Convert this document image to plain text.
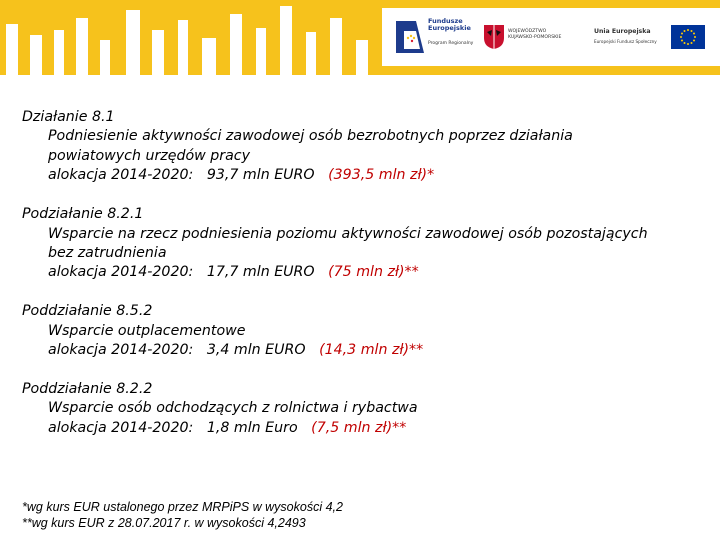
Fundusze
Europejskie
Program Regionalny
WOJEWÓDZTWO
KUJAWSKO-POMORSKIE
Unia Europejska
Europejski Fundusz Społeczny
Działanie 8.1
Podniesienie aktywności zawodowej osób bezrobotnych poprzez działania
powiatowych urzędów pracy
alokacja 2014-2020: 93,7 mln EURO (393,5 mln zł)*
Podziałanie 8.2.1
Wsparcie na rzecz podniesienia poziomu aktywności zawodowej osób pozostających
bez zatrudnienia
alokacja 2014-2020: 17,7 mln EURO (75 mln zł)**
Poddziałanie 8.5.2
Wsparcie outplacementowe
alokacja 2014-2020: 3,4 mln EURO (14,3 mln zł)**
Poddziałanie 8.2.2
Wsparcie osób odchodzących z rolnictwa i rybactwa
alokacja 2014-2020: 1,8 mln Euro (7,5 mln zł)**
*wg kurs EUR ustalonego przez MRPiPS w wysokości 4,2
**wg kurs EUR z 28.07.2017 r. w wysokości 4,2493
